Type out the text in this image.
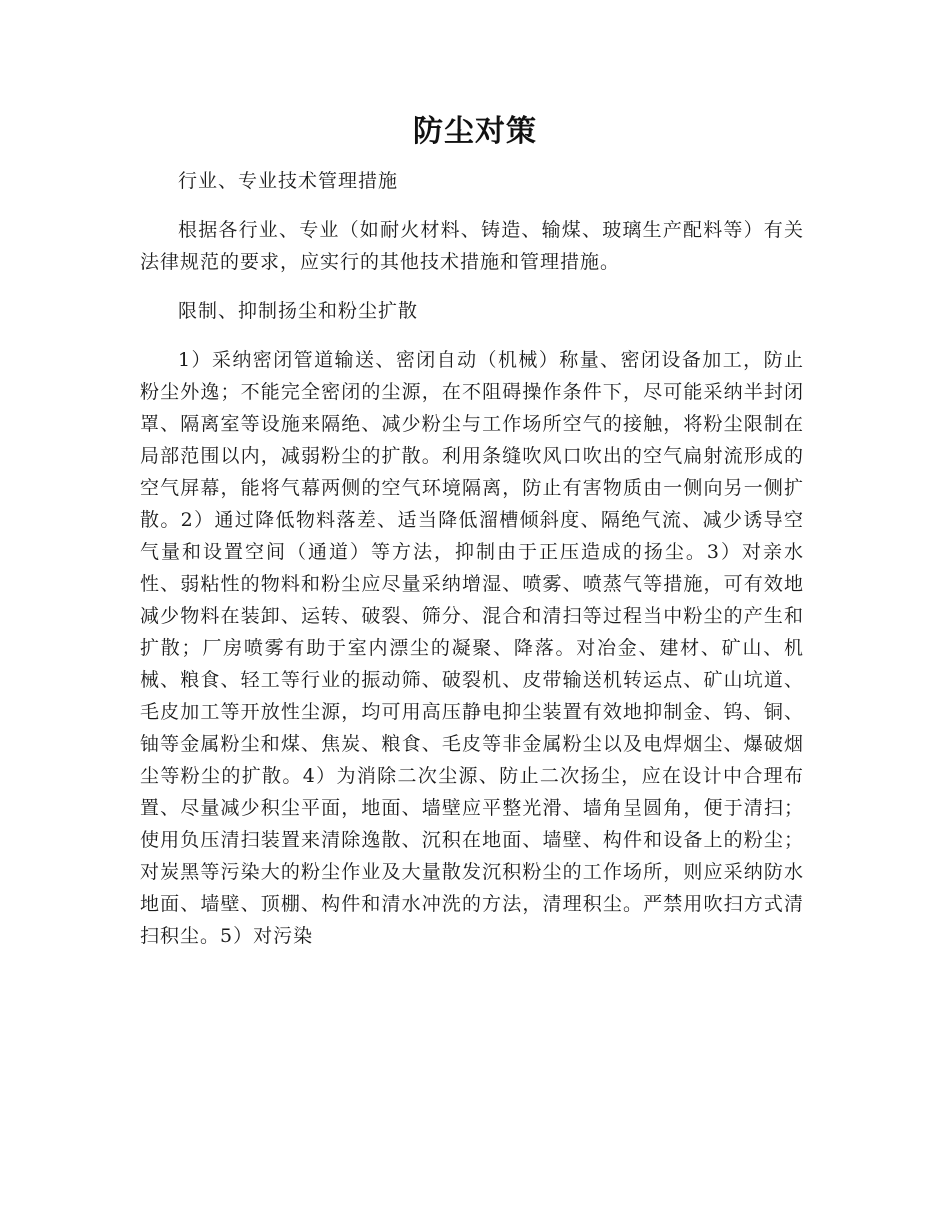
防尘对策

行业、专业技术管理措施

根据各行业、专业（如耐火材料、铸造、输煤、玻璃生产配料等）有关法律规范的要求，应实行的其他技术措施和管理措施。

限制、抑制扬尘和粉尘扩散

1）采纳密闭管道输送、密闭自动（机械）称量、密闭设备加工，防止粉尘外逸；不能完全密闭的尘源，在不阻碍操作条件下，尽可能采纳半封闭罩、隔离室等设施来隔绝、减少粉尘与工作场所空气的接触，将粉尘限制在局部范围以内，减弱粉尘的扩散。利用条缝吹风口吹出的空气扁射流形成的空气屏幕，能将气幕两侧的空气环境隔离，防止有害物质由一侧向另一侧扩散。2）通过降低物料落差、适当降低溜槽倾斜度、隔绝气流、减少诱导空气量和设置空间（通道）等方法，抑制由于正压造成的扬尘。3）对亲水性、弱粘性的物料和粉尘应尽量采纳增湿、喷雾、喷蒸气等措施，可有效地减少物料在装卸、运转、破裂、筛分、混合和清扫等过程当中粉尘的产生和扩散；厂房喷雾有助于室内漂尘的凝聚、降落。对冶金、建材、矿山、机械、粮食、轻工等行业的振动筛、破裂机、皮带输送机转运点、矿山坑道、毛皮加工等开放性尘源，均可用高压静电抑尘装置有效地抑制金、钨、铜、铀等金属粉尘和煤、焦炭、粮食、毛皮等非金属粉尘以及电焊烟尘、爆破烟尘等粉尘的扩散。4）为消除二次尘源、防止二次扬尘，应在设计中合理布置、尽量减少积尘平面，地面、墙壁应平整光滑、墙角呈圆角，便于清扫；使用负压清扫装置来清除逸散、沉积在地面、墙壁、构件和设备上的粉尘；对炭黑等污染大的粉尘作业及大量散发沉积粉尘的工作场所，则应采纳防水地面、墙壁、顶棚、构件和清水冲洗的方法，清理积尘。严禁用吹扫方式清扫积尘。5）对污染
